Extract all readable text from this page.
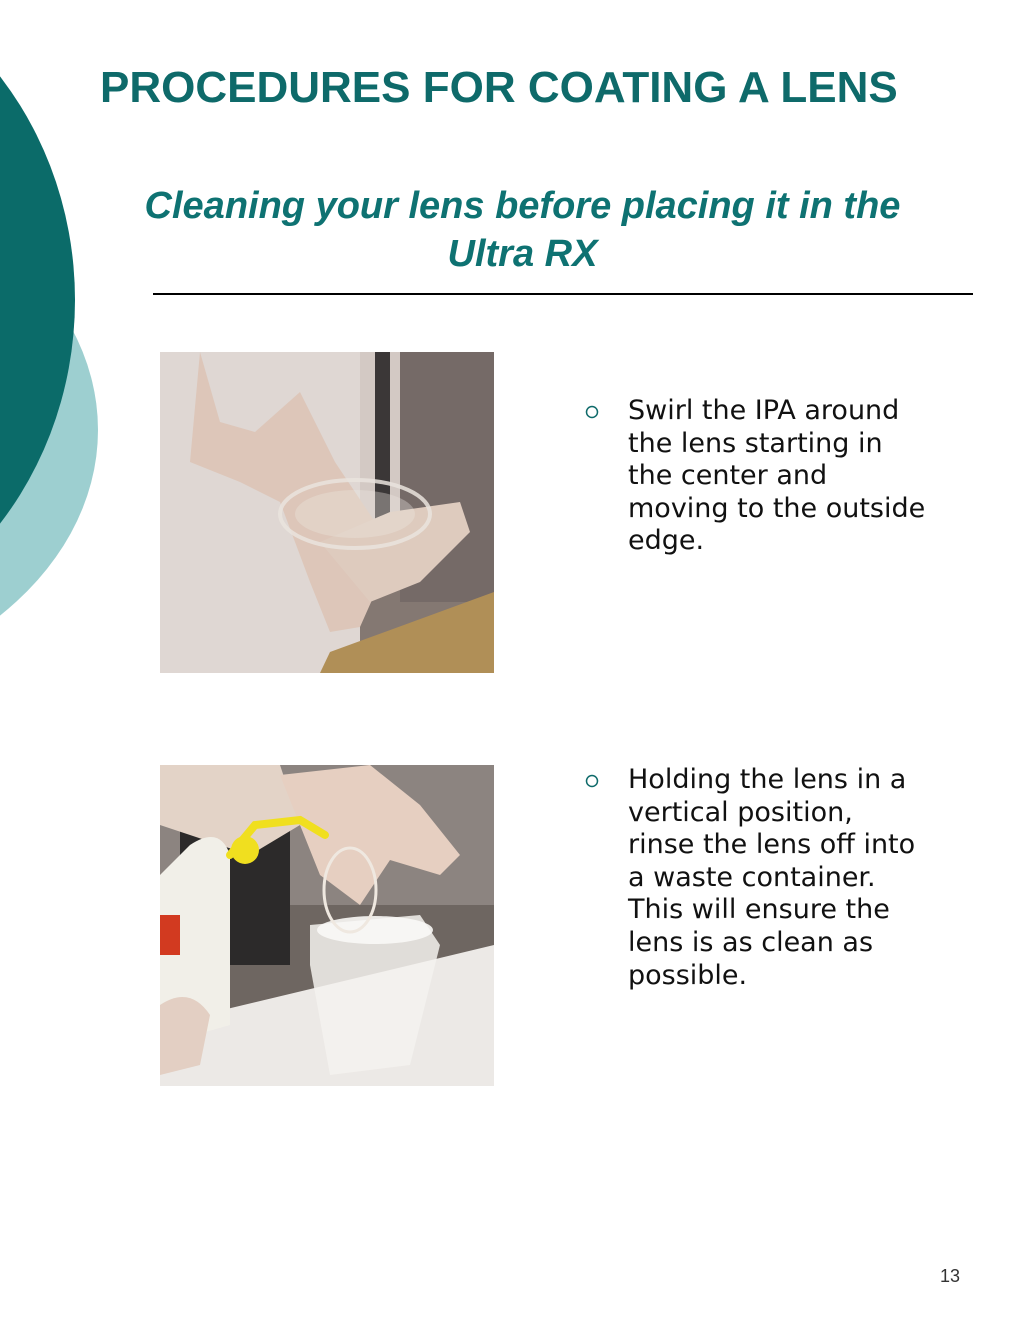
PROCEDURES FOR COATING A LENS
Cleaning your lens before placing it in the
Ultra RX

Swirl the IPA around
the lens starting in
the center and
moving to the outside
edge.

Holding the lens in a
vertical position,
rinse the lens off into
a waste container.
This will ensure the
lens is as clean as
possible.

13
